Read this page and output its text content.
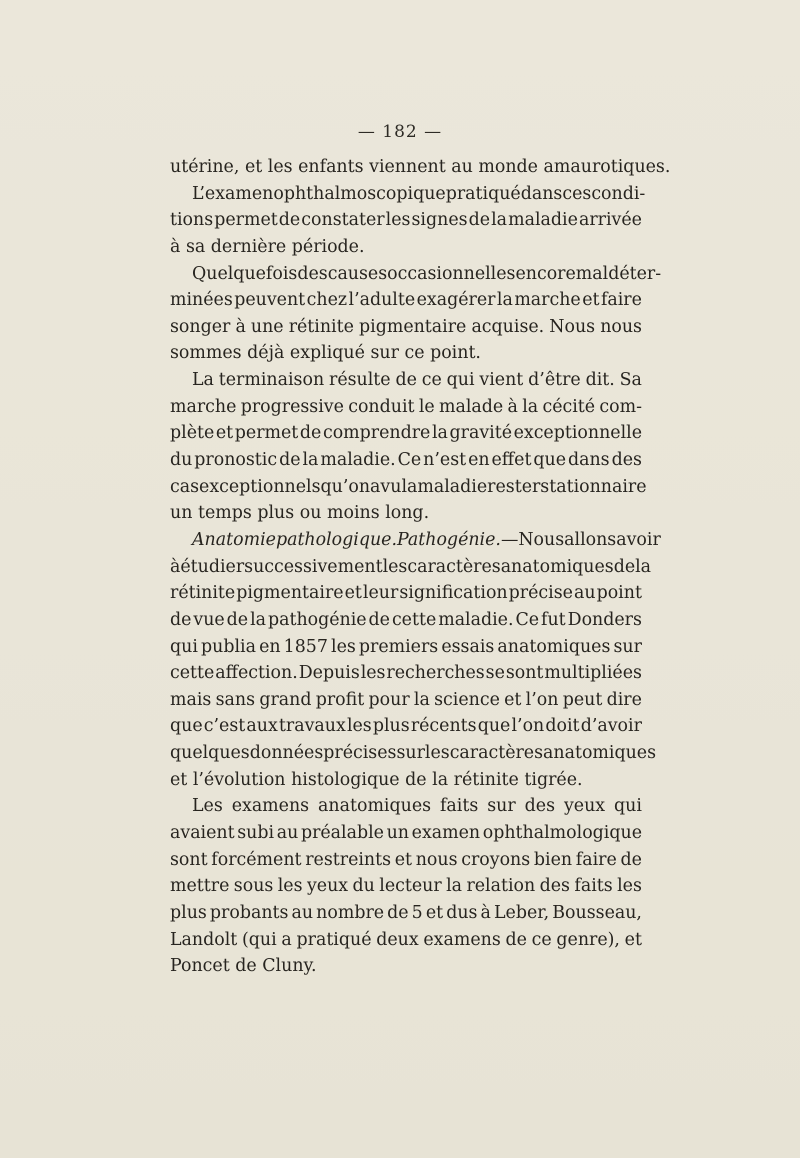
— 182 —
utérine, et les enfants viennent au monde amaurotiques.
L’examen ophthalmoscopique pratiqué dans ces condi-
tions permet de constater les signes de la maladie arrivée
à sa dernière période.
Quelquefois des causes occasionnelles encore mal déter-
minées peuvent chez l’adulte exagérer la marche et faire
songer à une rétinite pigmentaire acquise. Nous nous
sommes déjà expliqué sur ce point.
La terminaison résulte de ce qui vient d’être dit. Sa
marche progressive conduit le malade à la cécité com-
plète et permet de comprendre la gravité exceptionnelle
du pronostic de la maladie. Ce n’est en effet que dans des
cas exceptionnels qu’on a vu la maladie rester stationnaire
un temps plus ou moins long.
Anatomie pathologique. Pathogénie.—Nous allons avoir
à étudier successivement les caractères anatomiques de la
rétinite pigmentaire et leur signification précise au point
de vue de la pathogénie de cette maladie. Ce fut Donders
qui publia en 1857 les premiers essais anatomiques sur
cette affection. Depuis les recherches se sont multipliées
mais sans grand profit pour la science et l’on peut dire
que c’est aux travaux les plus récents que l’on doit d’avoir
quelques données précises sur les caractères anatomiques
et l’évolution histologique de la rétinite tigrée.
Les examens anatomiques faits sur des yeux qui
avaient subi au préalable un examen ophthalmologique
sont forcément restreints et nous croyons bien faire de
mettre sous les yeux du lecteur la relation des faits les
plus probants au nombre de 5 et dus à Leber, Bousseau,
Landolt (qui a pratiqué deux examens de ce genre), et
Poncet de Cluny.
